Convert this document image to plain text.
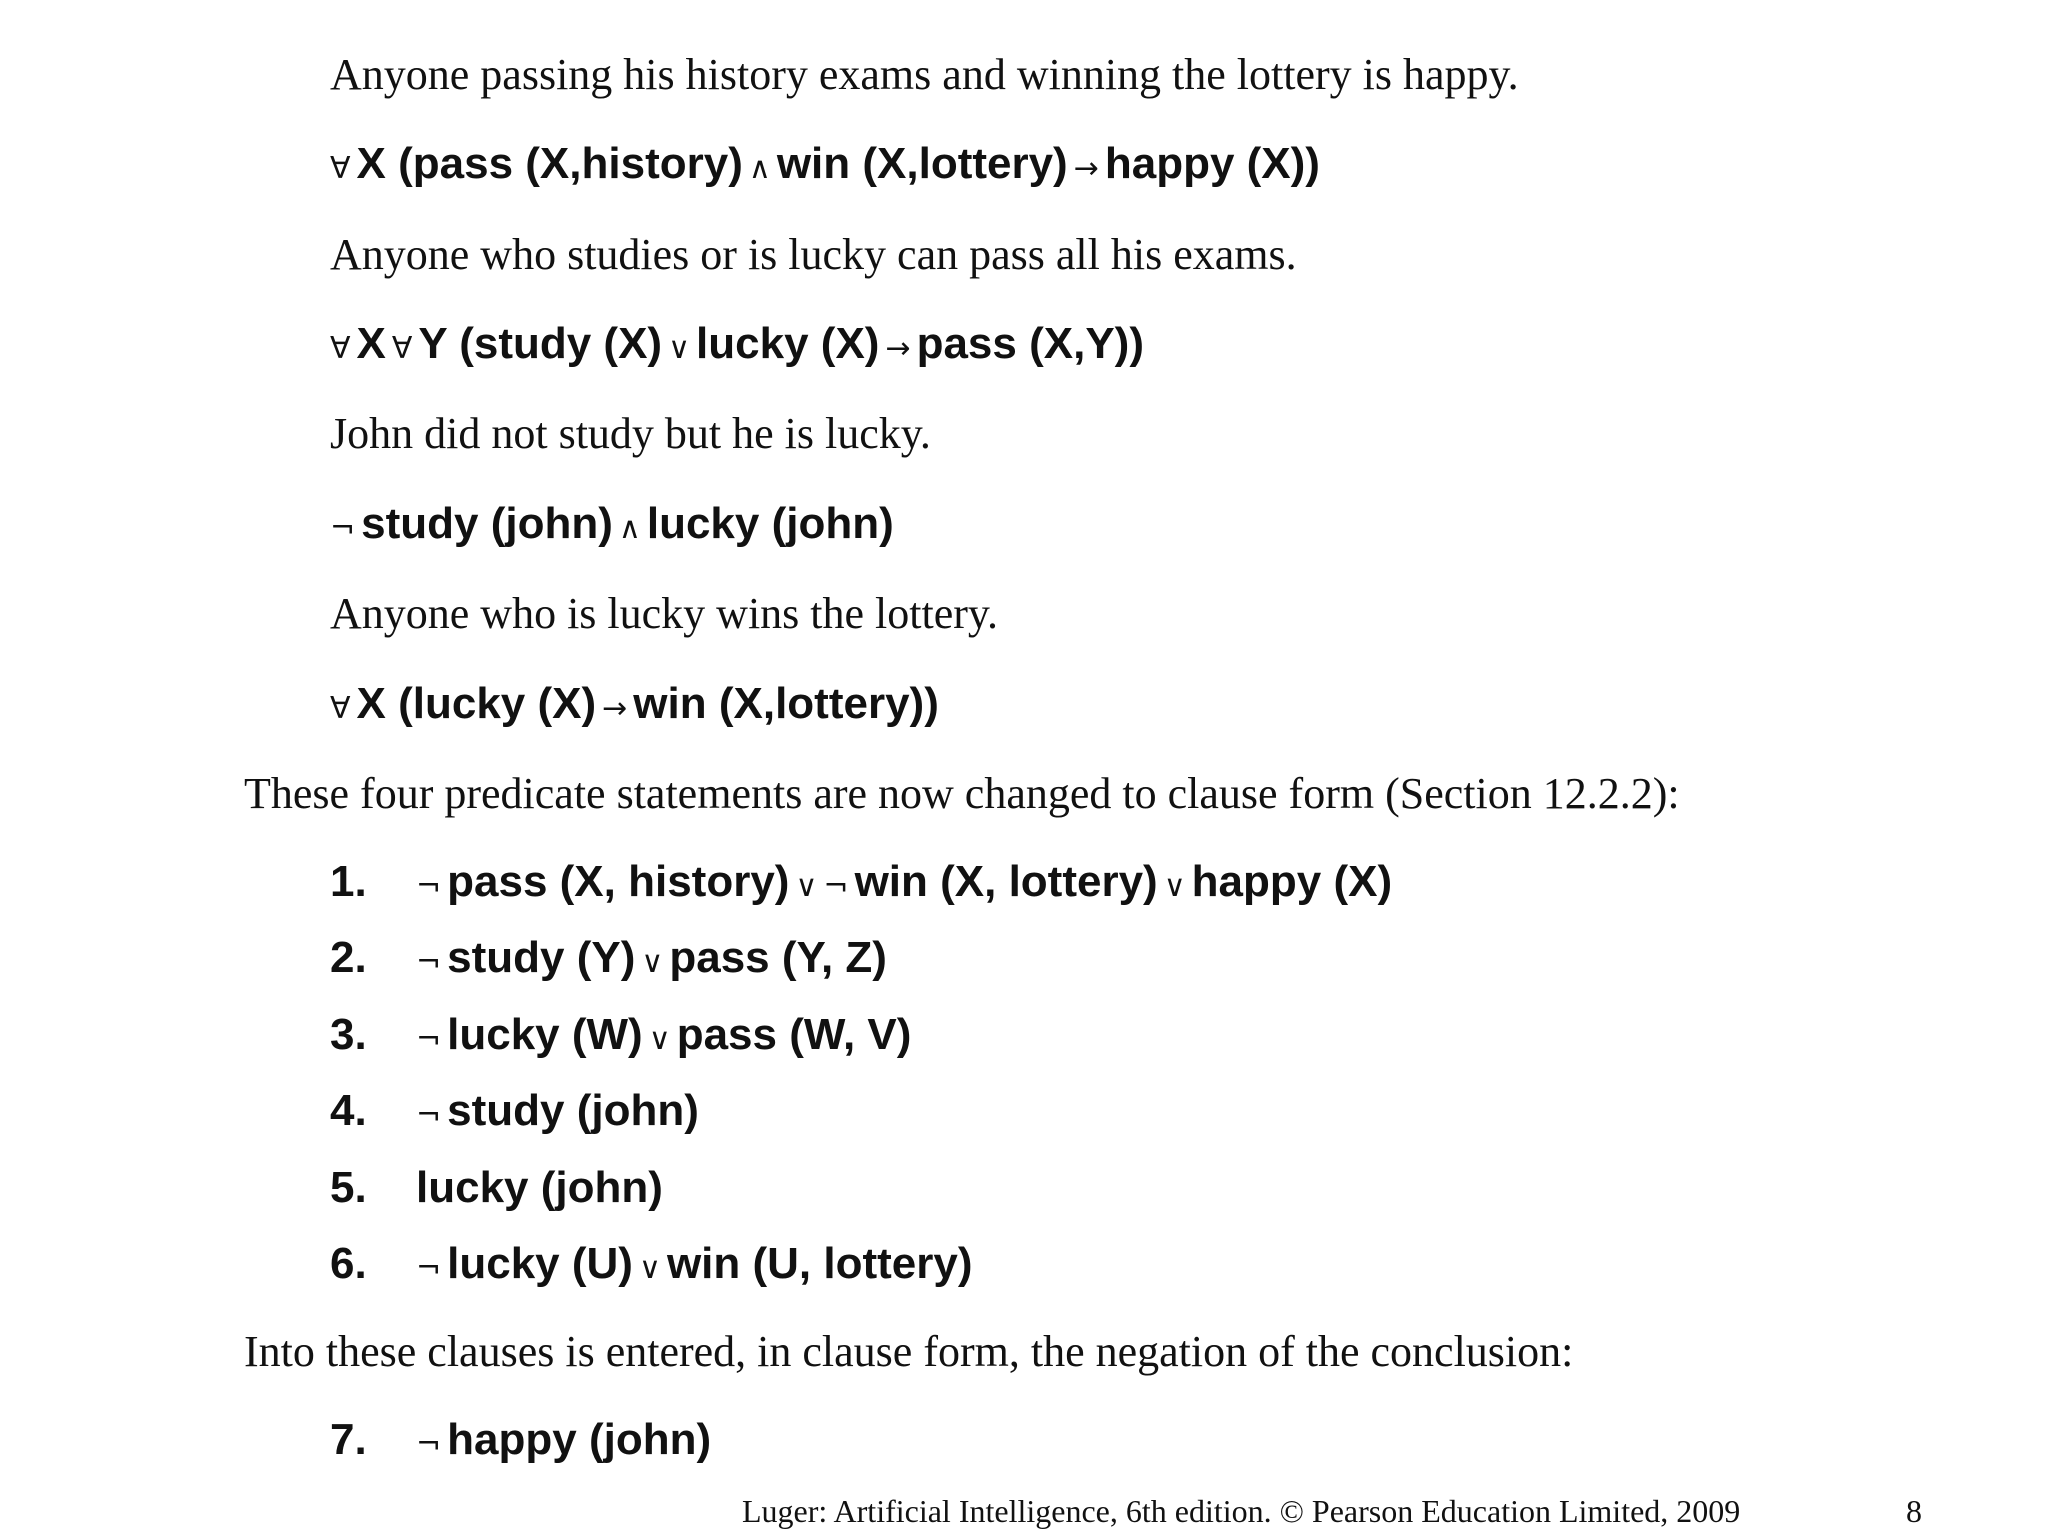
Anyone passing his history exams and winning the lottery is happy.
∀ X (pass (X,history) ∧ win (X,lottery) → happy (X))
Anyone who studies or is lucky can pass all his exams.
∀ X ∀ Y (study (X) ∨ lucky (X) → pass (X,Y))
John did not study but he is lucky.
¬ study (john) ∧ lucky (john)
Anyone who is lucky wins the lottery.
∀ X (lucky (X) → win (X,lottery))
These four predicate statements are now changed to clause form (Section 12.2.2):
1. ¬ pass (X, history) ∨ ¬ win (X, lottery) ∨ happy (X)
2. ¬ study (Y) ∨ pass (Y, Z)
3. ¬ lucky (W) ∨ pass (W, V)
4. ¬ study (john)
5. lucky (john)
6. ¬ lucky (U) ∨ win (U, lottery)
Into these clauses is entered, in clause form, the negation of the conclusion:
7. ¬ happy (john)
Luger: Artificial Intelligence, 6th edition. © Pearson Education Limited, 2009	8
